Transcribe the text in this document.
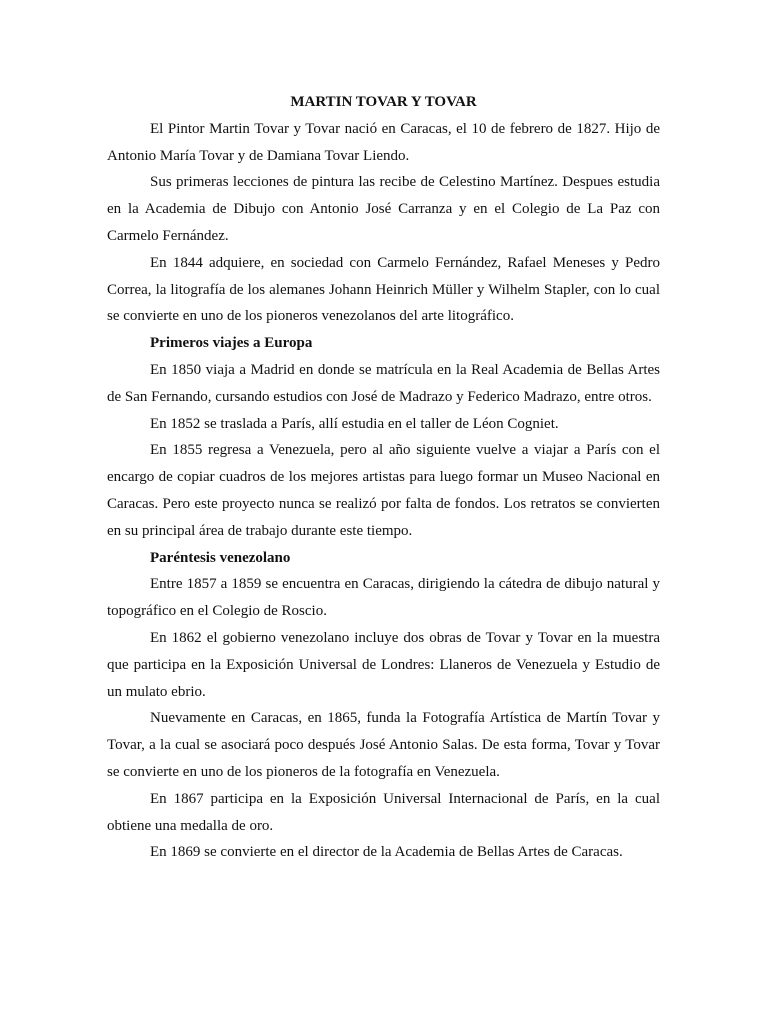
MARTIN TOVAR Y TOVAR

El Pintor Martin Tovar y Tovar nació en Caracas, el 10 de febrero de 1827. Hijo de Antonio María Tovar y de Damiana Tovar Liendo.

Sus primeras lecciones de pintura las recibe de Celestino Martínez. Despues estudia en la Academia de Dibujo con Antonio José Carranza y en el Colegio de La Paz con Carmelo Fernández.

En 1844 adquiere, en sociedad con Carmelo Fernández, Rafael Meneses y Pedro Correa, la litografía de los alemanes Johann Heinrich Müller y Wilhelm Stapler, con lo cual se convierte en uno de los pioneros venezolanos del arte litográfico.

Primeros viajes a Europa

En 1850 viaja a Madrid en donde se matrícula en la Real Academia de Bellas Artes de San Fernando, cursando estudios con José de Madrazo y Federico Madrazo, entre otros.

En 1852 se traslada a París, allí estudia en el taller de Léon Cogniet.

En 1855 regresa a Venezuela, pero al año siguiente vuelve a viajar a París con el encargo de copiar cuadros de los mejores artistas para luego formar un Museo Nacional en Caracas. Pero este proyecto nunca se realizó por falta de fondos. Los retratos se convierten en su principal área de trabajo durante este tiempo.

Paréntesis venezolano

Entre 1857 a 1859 se encuentra en Caracas, dirigiendo la cátedra de dibujo natural y topográfico en el Colegio de Roscio.

En 1862 el gobierno venezolano incluye dos obras de Tovar y Tovar en la muestra que participa en la Exposición Universal de Londres: Llaneros de Venezuela y Estudio de un mulato ebrio.

Nuevamente en Caracas, en 1865, funda la Fotografía Artística de Martín Tovar y Tovar, a la cual se asociará poco después José Antonio Salas. De esta forma, Tovar y Tovar se convierte en uno de los pioneros de la fotografía en Venezuela.

En 1867 participa en la Exposición Universal Internacional de París, en la cual obtiene una medalla de oro.

En 1869 se convierte en el director de la Academia de Bellas Artes de Caracas.
